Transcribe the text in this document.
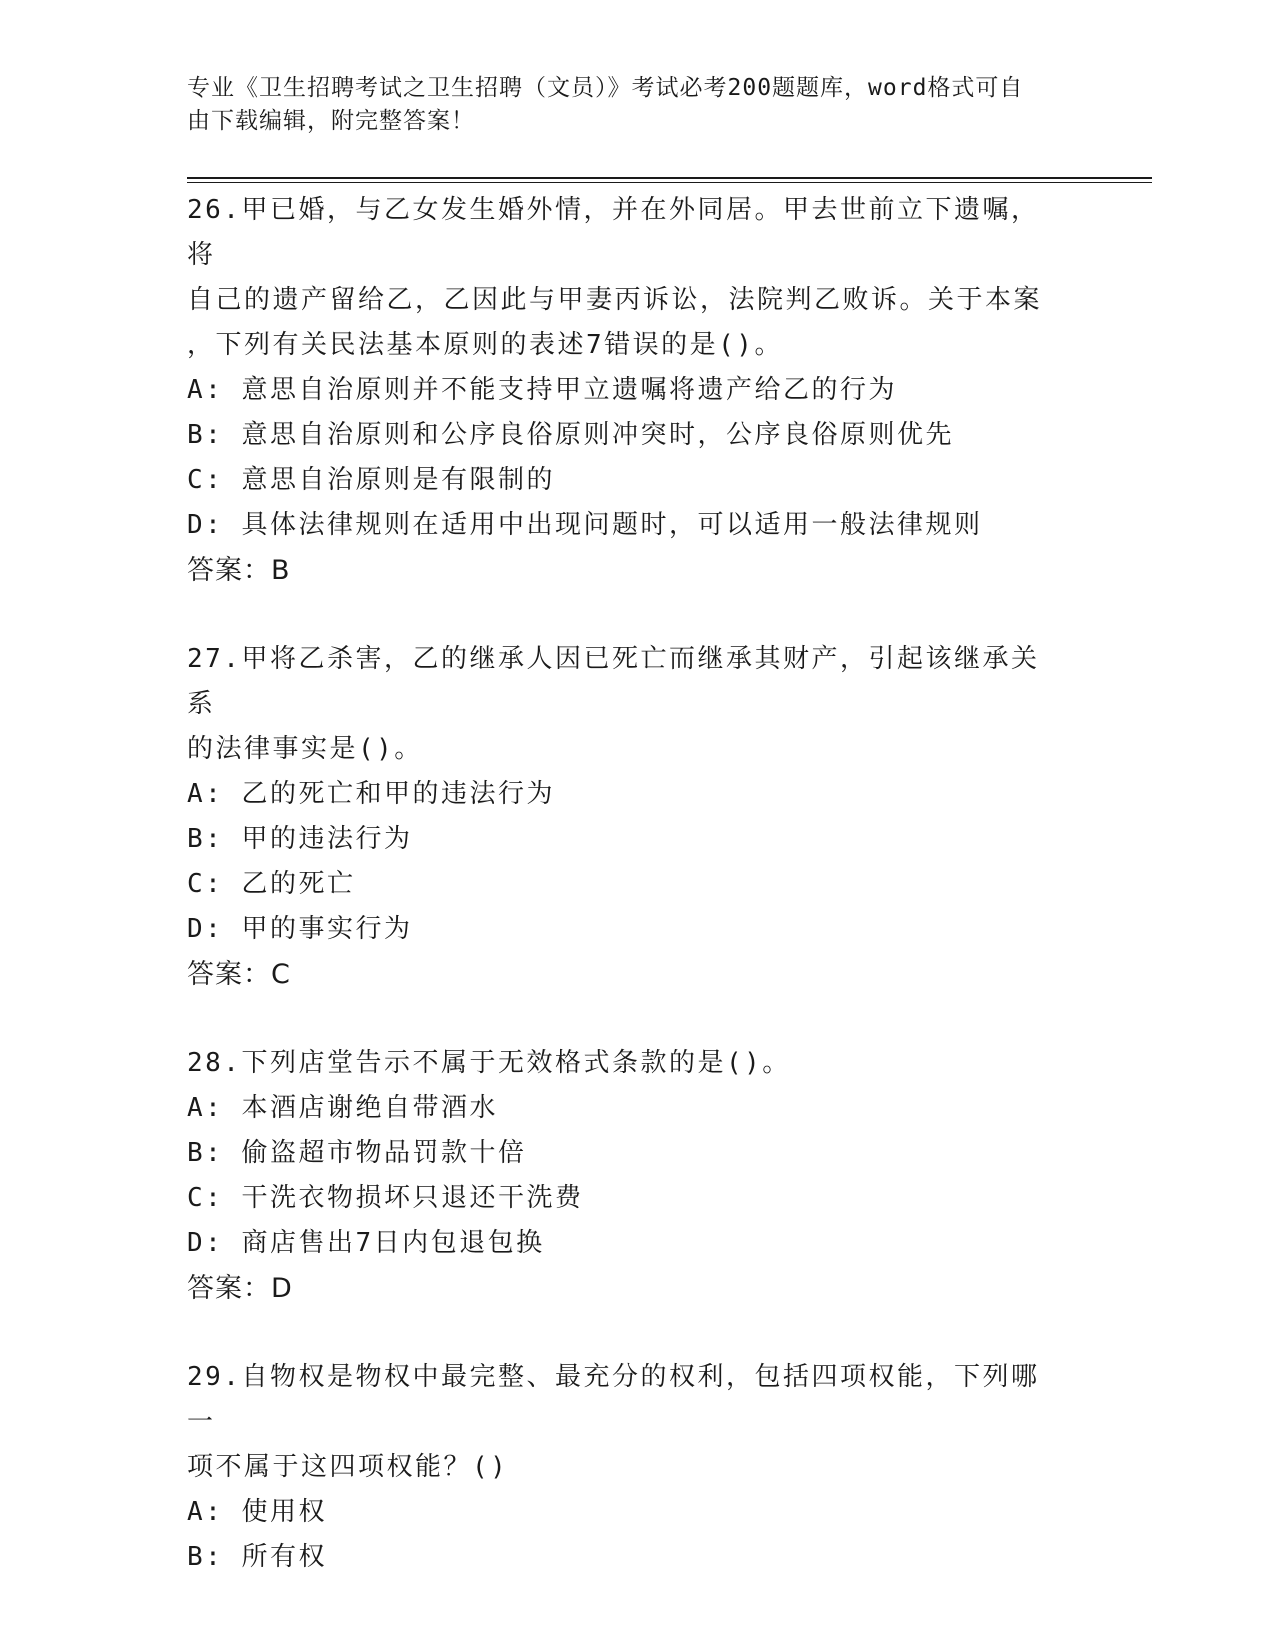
专业《卫生招聘考试之卫生招聘（文员）》考试必考200题题库，word格式可自
由下载编辑，附完整答案！
26.甲已婚，与乙女发生婚外情，并在外同居。甲去世前立下遗嘱，将
自己的遗产留给乙，乙因此与甲妻丙诉讼，法院判乙败诉。关于本案
，下列有关民法基本原则的表述7错误的是()。
A: 意思自治原则并不能支持甲立遗嘱将遗产给乙的行为
B: 意思自治原则和公序良俗原则冲突时，公序良俗原则优先
C: 意思自治原则是有限制的
D: 具体法律规则在适用中出现问题时，可以适用一般法律规则
答案：B
27.甲将乙杀害，乙的继承人因已死亡而继承其财产，引起该继承关系
的法律事实是()。
A: 乙的死亡和甲的违法行为
B: 甲的违法行为
C: 乙的死亡
D: 甲的事实行为
答案：C
28.下列店堂告示不属于无效格式条款的是()。
A: 本酒店谢绝自带酒水
B: 偷盗超市物品罚款十倍
C: 干洗衣物损坏只退还干洗费
D: 商店售出7日内包退包换
答案：D
29.自物权是物权中最完整、最充分的权利，包括四项权能，下列哪一
项不属于这四项权能？()
A: 使用权
B: 所有权
